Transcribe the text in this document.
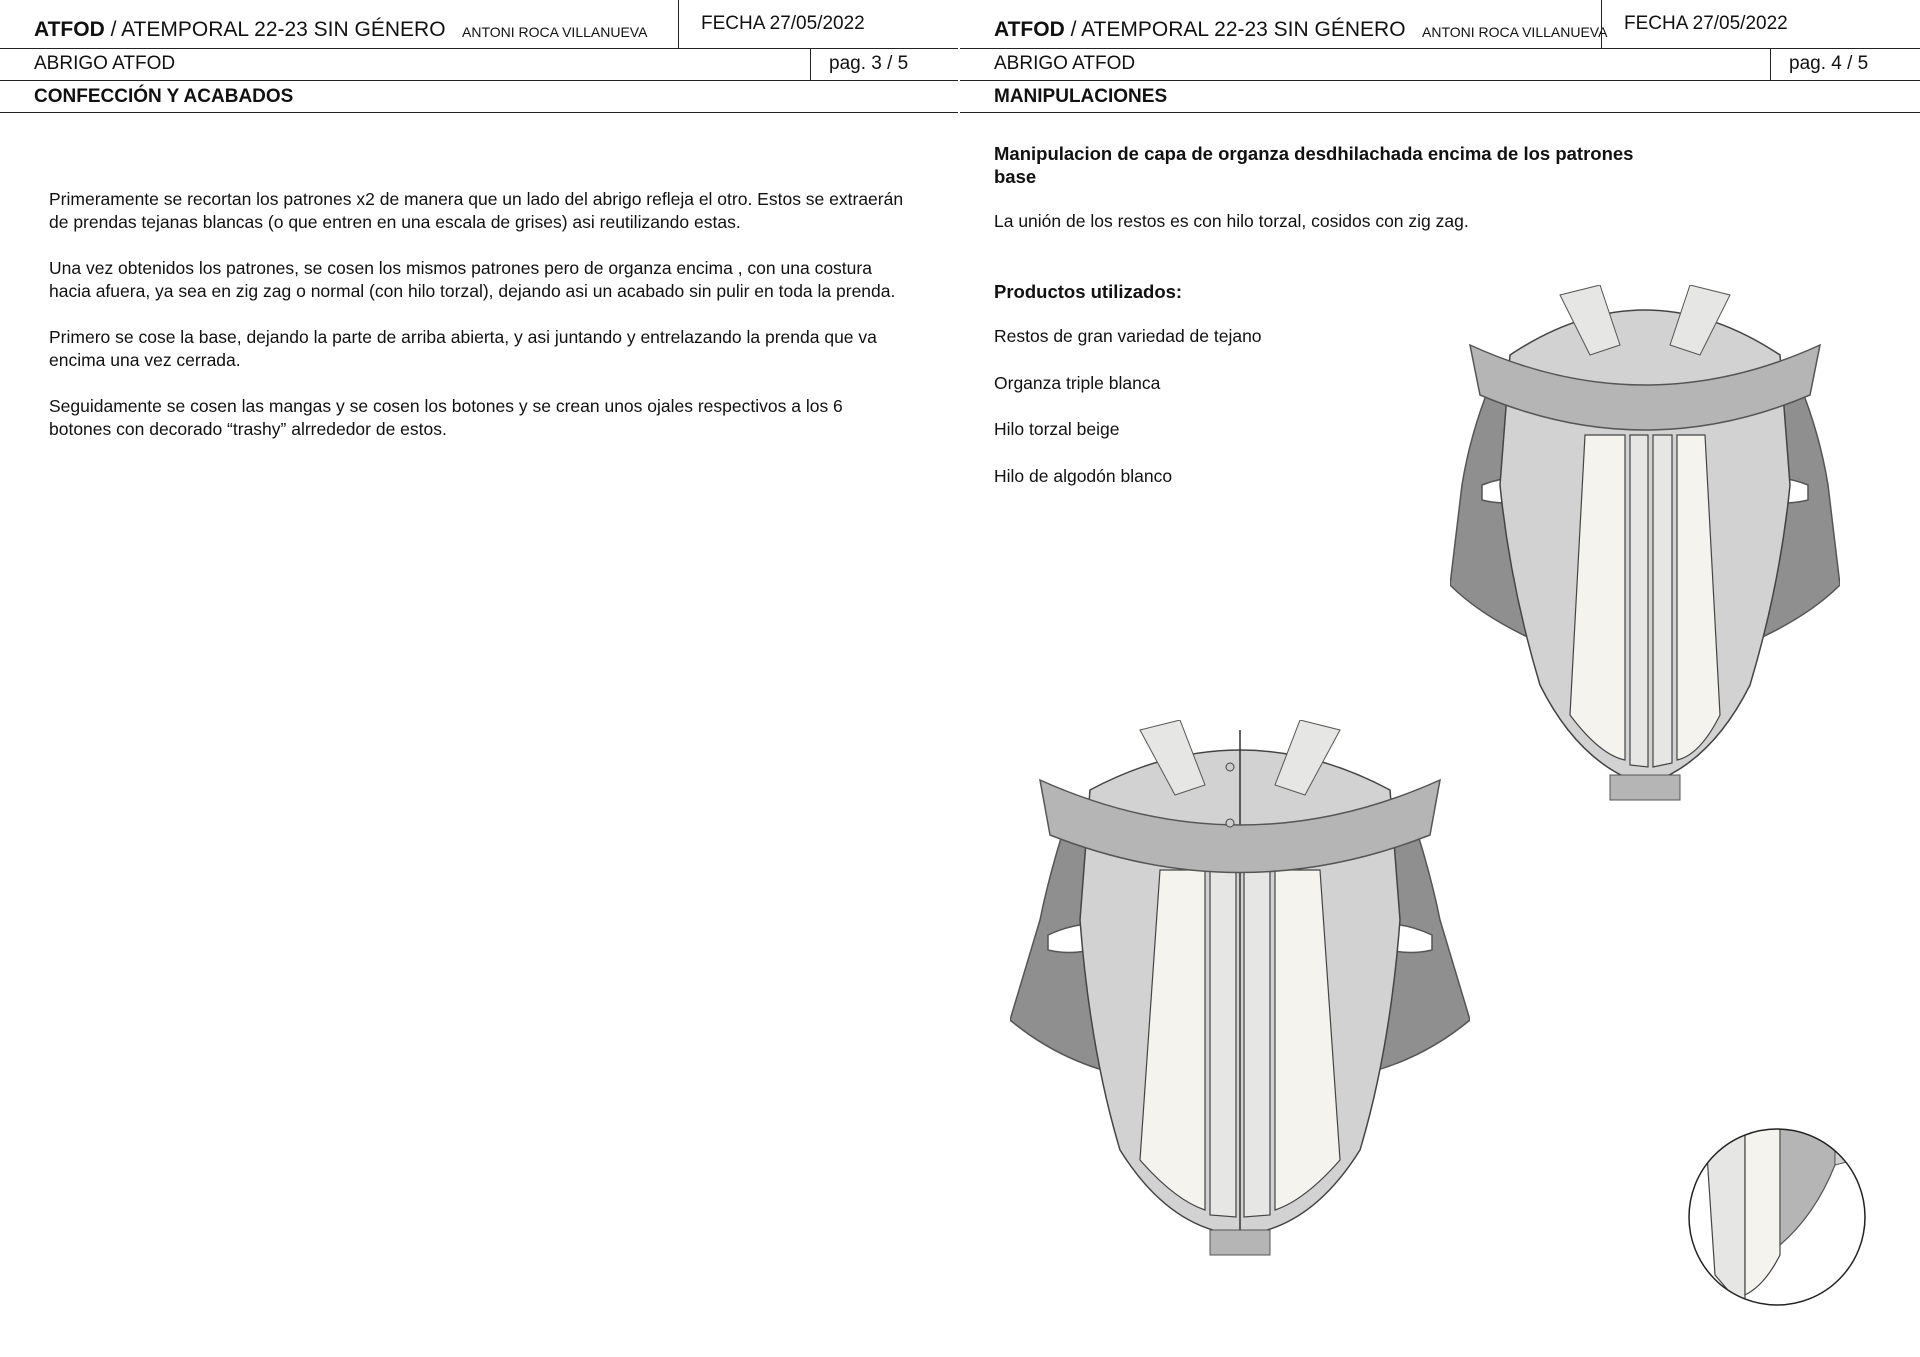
ATFOD / ATEMPORAL 22-23 SIN GÉNERO ANTONI ROCA VILLANUEVA	FECHA 27/05/2022
ABRIGO ATFOD	pag. 3 / 5
CONFECCIÓN Y ACABADOS

Primeramente se recortan los patrones x2 de manera que un lado del abrigo refleja el otro. Estos se extraerán de prendas tejanas blancas (o que entren en una escala de grises) asi reutilizando estas.

Una vez obtenidos los patrones, se cosen los mismos patrones pero de organza encima , con una costura hacia afuera, ya sea en zig zag o normal (con hilo torzal), dejando asi un acabado sin pulir en toda la prenda.

Primero se cose la base, dejando la parte de arriba abierta, y asi juntando y entrelazando la prenda que va encima una vez cerrada.

Seguidamente se cosen las mangas y se cosen los botones y se crean unos ojales respectivos a los 6 botones con decorado “trashy” alrrededor de estos.

ATFOD / ATEMPORAL 22-23 SIN GÉNERO ANTONI ROCA VILLANUEVA FECHA 27/05/2022
ABRIGO ATFOD	pag. 4 / 5
MANIPULACIONES
Manipulacion de capa de organza desdhilachada encima de los patrones base
La unión de los restos es con hilo torzal, cosidos con zig zag.
Productos utilizados:
Restos de gran variedad de tejano
Organza triple blanca
Hilo torzal beige
Hilo de algodón blanco
